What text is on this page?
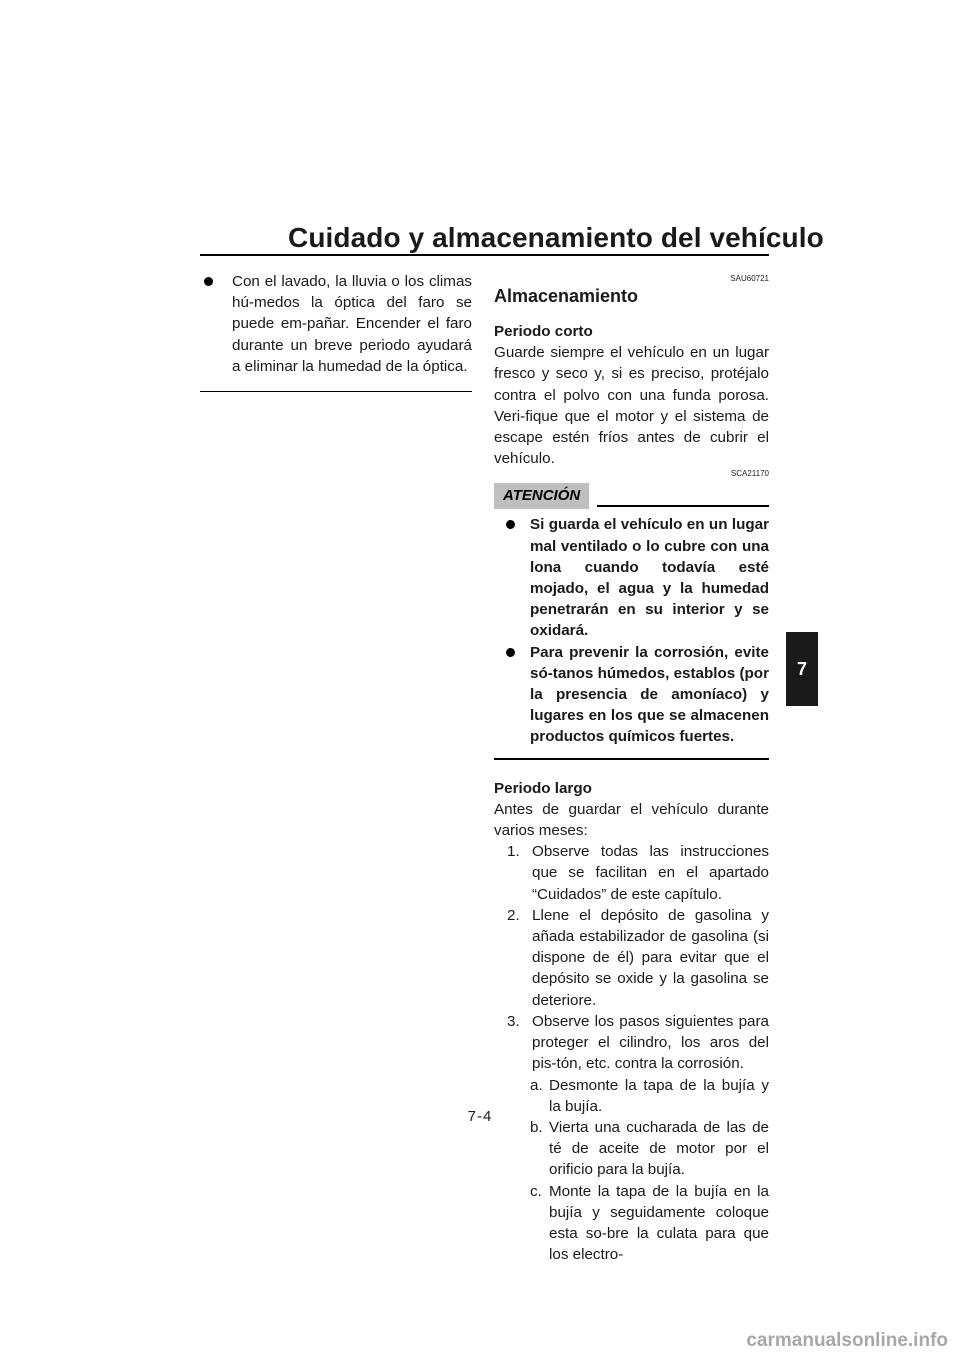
Cuidado y almacenamiento del vehículo
7
Con el lavado, la lluvia o los climas hú-medos la óptica del faro se puede em-pañar. Encender el faro durante un breve periodo ayudará a eliminar la humedad de la óptica.
SAU60721
Almacenamiento
Periodo corto
Guarde siempre el vehículo en un lugar fresco y seco y, si es preciso, protéjalo contra el polvo con una funda porosa. Veri-fique que el motor y el sistema de escape estén fríos antes de cubrir el vehículo.
SCA21170
ATENCIÓN
Si guarda el vehículo en un lugar mal ventilado o lo cubre con una lona cuando todavía esté mojado, el agua y la humedad penetrarán en su interior y se oxidará.
Para prevenir la corrosión, evite só-tanos húmedos, establos (por la presencia de amoníaco) y lugares en los que se almacenen productos químicos fuertes.
Periodo largo
Antes de guardar el vehículo durante varios meses:
1. Observe todas las instrucciones que se facilitan en el apartado “Cuidados” de este capítulo.
2. Llene el depósito de gasolina y añada estabilizador de gasolina (si dispone de él) para evitar que el depósito se oxide y la gasolina se deteriore.
3. Observe los pasos siguientes para proteger el cilindro, los aros del pis-tón, etc. contra la corrosión.
a. Desmonte la tapa de la bujía y la bujía.
b. Vierta una cucharada de las de té de aceite de motor por el orificio para la bujía.
c. Monte la tapa de la bujía en la bujía y seguidamente coloque esta so-bre la culata para que los electro-
7-4
carmanualsonline.info
